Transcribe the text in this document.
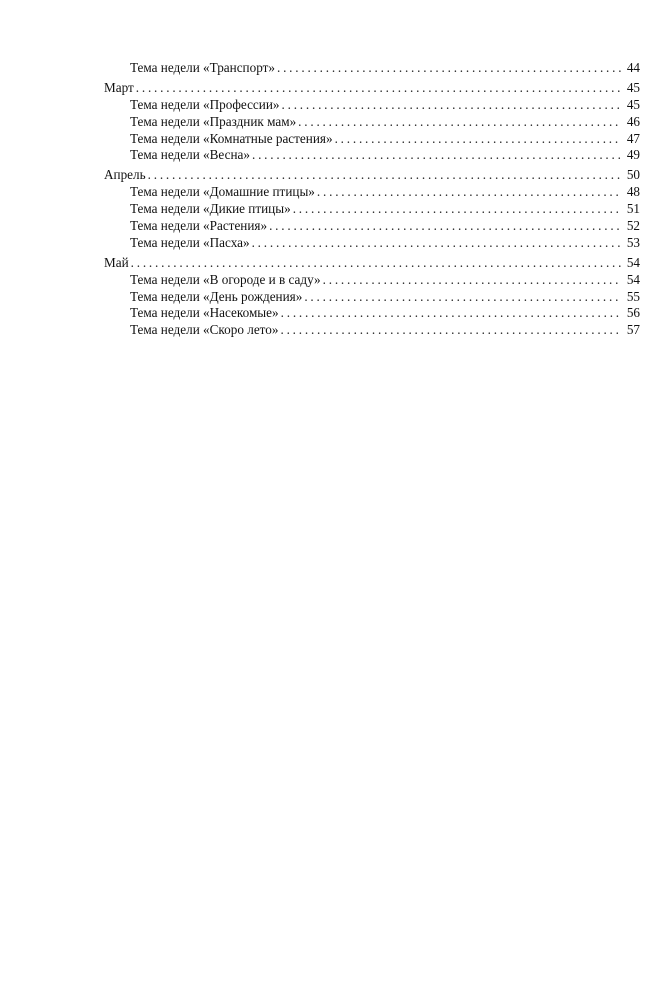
Тема недели «Транспорт» . . .	44
Март . . .	45
Тема недели «Профессии» . . .	45
Тема недели «Праздник мам» . . .	46
Тема недели «Комнатные растения» . . .	47
Тема недели «Весна» . . .	49
Апрель . . .	50
Тема недели «Домашние птицы» . . .	48
Тема недели «Дикие птицы» . . .	51
Тема недели «Растения» . . .	52
Тема недели «Пасха» . . .	53
Май . . .	54
Тема недели «В огороде и в саду» . . .	54
Тема недели «День рождения» . . .	55
Тема недели «Насекомые» . . .	56
Тема недели «Скоро лето» . . .	57
